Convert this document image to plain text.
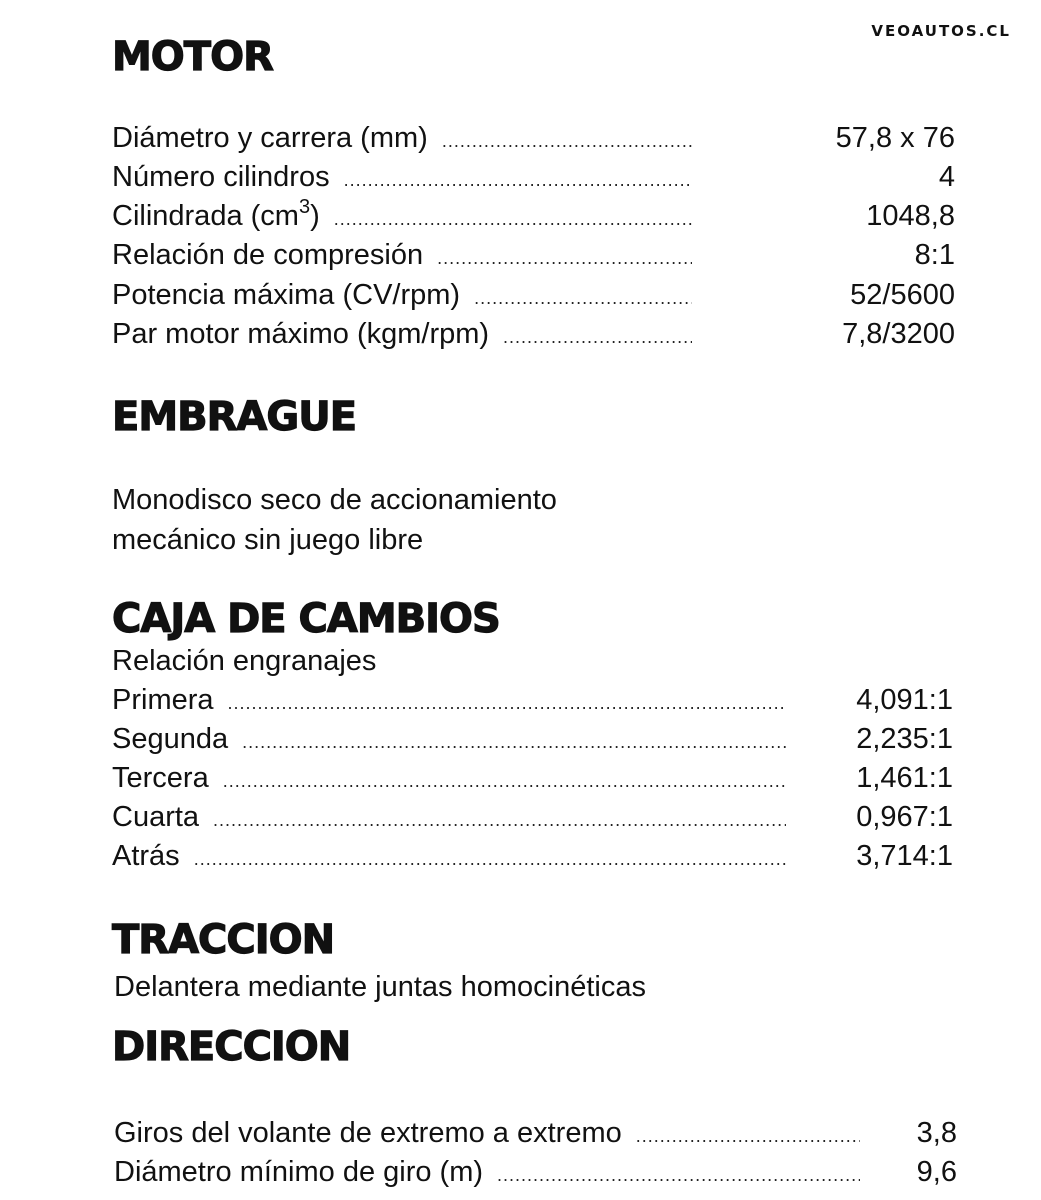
VEOAUTOS.CL
MOTOR
Diámetro y carrera (mm) .....	57,8 x 76
Número cilindros .....	4
Cilindrada $(cm^3)$ .....	1048,8
Relación de compresión .....	8:1
Potencia máxima (CV/rpm) .....	52/5600
Par motor máximo (kgm/rpm) .....	7,8/3200
EMBRAGUE

Monodisco seco de accionamiento
mecánico sin juego libre

CAJA DE CAMBIOS
Relación engranajes
Primera .....	4,091:1
Segunda .....	2,235:1
Tercera .....	1,461:1
Cuarta .....	0,967:1
Atrás .....	3,714:1
TRACCION
Delantera mediante juntas homocinéticas
DIRECCION
Giros del volante de extremo a extremo .....	3,8
Diámetro mínimo de giro (m) .....	9,6
